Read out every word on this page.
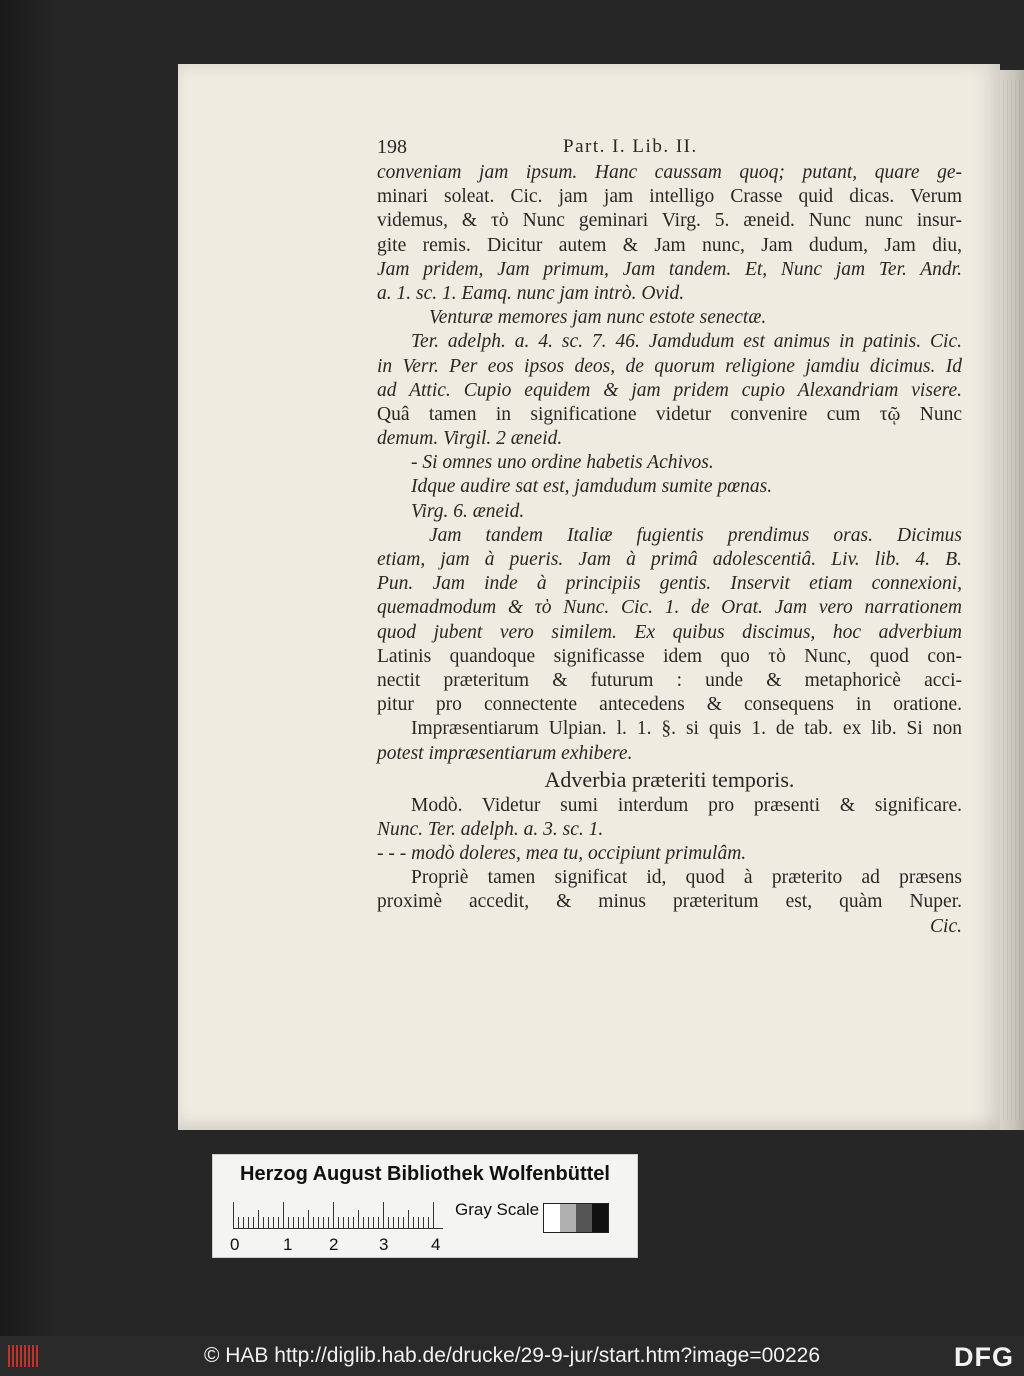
198	Part. I. Lib. II.
conveniam jam ipsum. Hanc caussam quoq; putant, quare ge-
minari soleat. Cic. jam jam intelligo Crasse quid dicas. Verum
videmus, & τὸ Nunc geminari Virg. 5. æneid. Nunc nunc insur-
gite remis. Dicitur autem & Jam nunc, Jam dudum, Jam diu,
Jam pridem, Jam primum, Jam tandem. Et, Nunc jam Ter. Andr.
a. 1. sc. 1. Eamq. nunc jam intrò. Ovid.
Venturæ memores jam nunc estote senectæ.
Ter. adelph. a. 4. sc. 7. 46. Jamdudum est animus in patinis. Cic.
in Verr. Per eos ipsos deos, de quorum religione jamdiu dicimus. Id
ad Attic. Cupio equidem & jam pridem cupio Alexandriam visere.
Quâ tamen in significatione videtur convenire cum τῷ Nunc
demum. Virgil. 2 æneid.
- Si omnes uno ordine habetis Achivos.
Idque audire sat est, jamdudum sumite pœnas.
Virg. 6. æneid.
Jam tandem Italiæ fugientis prendimus oras. Dicimus
etiam, jam à pueris. Jam à primâ adolescentiâ. Liv. lib. 4. B.
Pun. Jam inde à principiis gentis. Inservit etiam connexioni,
quemadmodum & τὸ Nunc. Cic. 1. de Orat. Jam vero narrationem
quod jubent vero similem. Ex quibus discimus, hoc adverbium
Latinis quandoque significasse idem quo τὸ Nunc, quod con-
nectit præteritum & futurum : unde & metaphoricè acci-
pitur pro connectente antecedens & consequens in oratione.
Impræsentiarum Ulpian. l. 1. §. si quis 1. de tab. ex lib. Si non
potest impræsentiarum exhibere.
Adverbia præteriti temporis.
Modò. Videtur sumi interdum pro præsenti & significare.
Nunc. Ter. adelph. a. 3. sc. 1.
- - - modò doleres, mea tu, occipiunt primulâm.
Propriè tamen significat id, quod à præterito ad præsens
proximè accedit, & minus præteritum est, quàm Nuper.
Cic.
Herzog August Bibliothek Wolfenbüttel
0	1 2 3	4
Gray Scale
© HAB http://diglib.hab.de/drucke/29-9-jur/start.htm?image=00226	DFG
